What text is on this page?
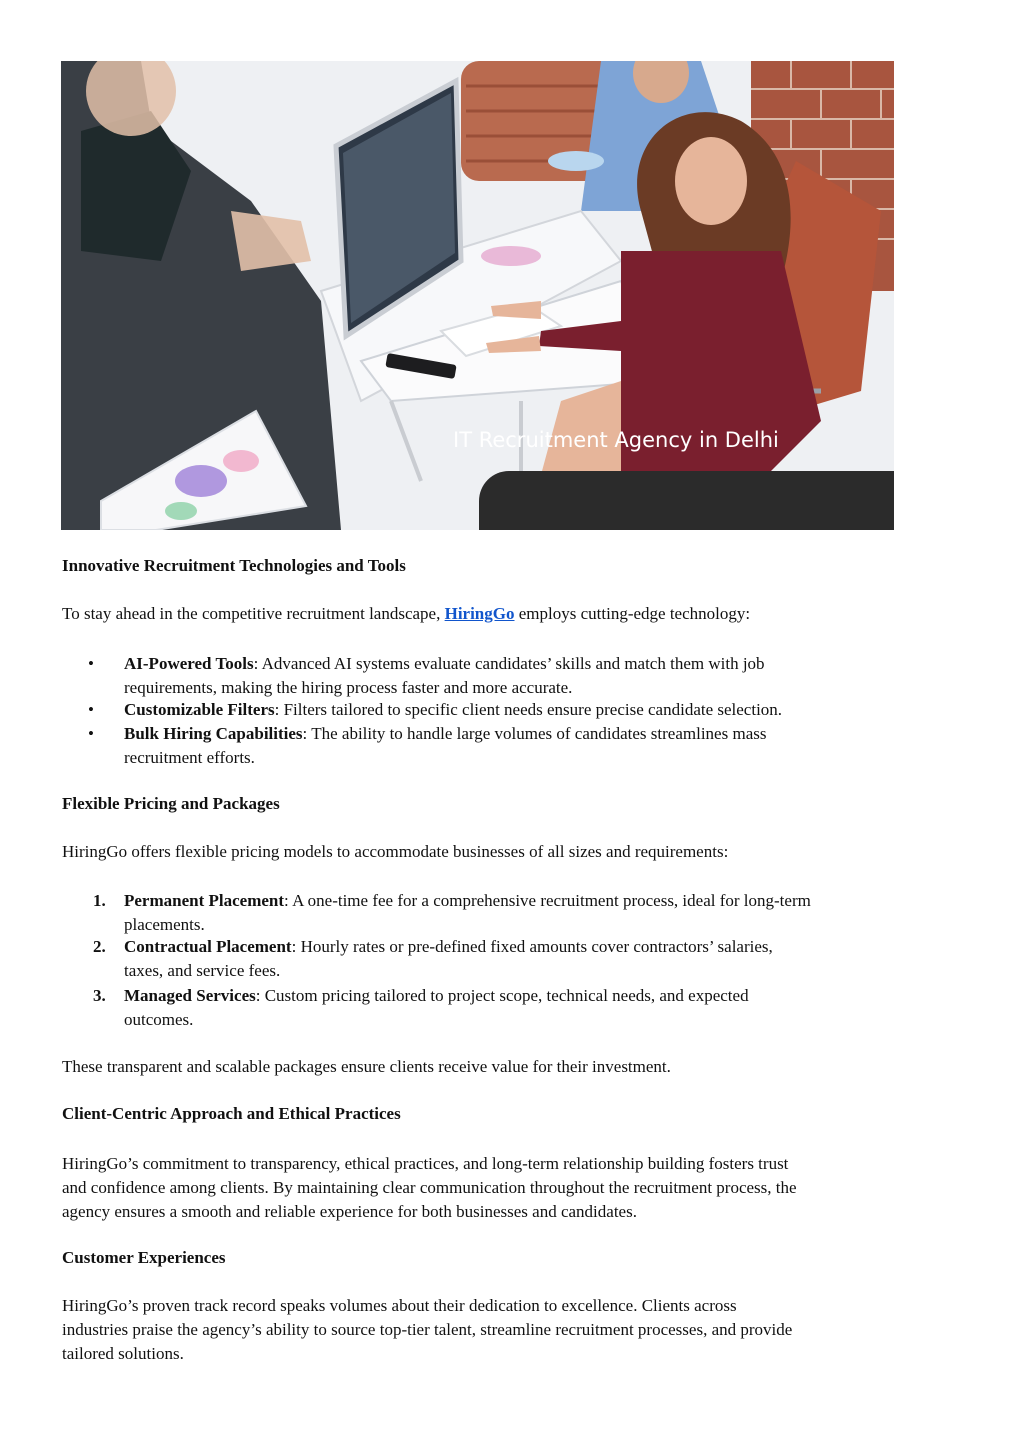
IT Recruitment Agency in Delhi
Innovative Recruitment Technologies and Tools
To stay ahead in the competitive recruitment landscape, HiringGo employs cutting-edge technology:
• AI-Powered Tools: Advanced AI systems evaluate candidates’ skills and match them with job
requirements, making the hiring process faster and more accurate.
• Customizable Filters: Filters tailored to specific client needs ensure precise candidate selection.
• Bulk Hiring Capabilities: The ability to handle large volumes of candidates streamlines mass
recruitment efforts.
Flexible Pricing and Packages
HiringGo offers flexible pricing models to accommodate businesses of all sizes and requirements:
1. Permanent Placement: A one-time fee for a comprehensive recruitment process, ideal for long-term
placements.
2. Contractual Placement: Hourly rates or pre-defined fixed amounts cover contractors’ salaries,
taxes, and service fees.
3. Managed Services: Custom pricing tailored to project scope, technical needs, and expected
outcomes.
These transparent and scalable packages ensure clients receive value for their investment.
Client-Centric Approach and Ethical Practices
HiringGo’s commitment to transparency, ethical practices, and long-term relationship building fosters trust
and confidence among clients. By maintaining clear communication throughout the recruitment process, the
agency ensures a smooth and reliable experience for both businesses and candidates.
Customer Experiences
HiringGo’s proven track record speaks volumes about their dedication to excellence. Clients across
industries praise the agency’s ability to source top-tier talent, streamline recruitment processes, and provide
tailored solutions.
